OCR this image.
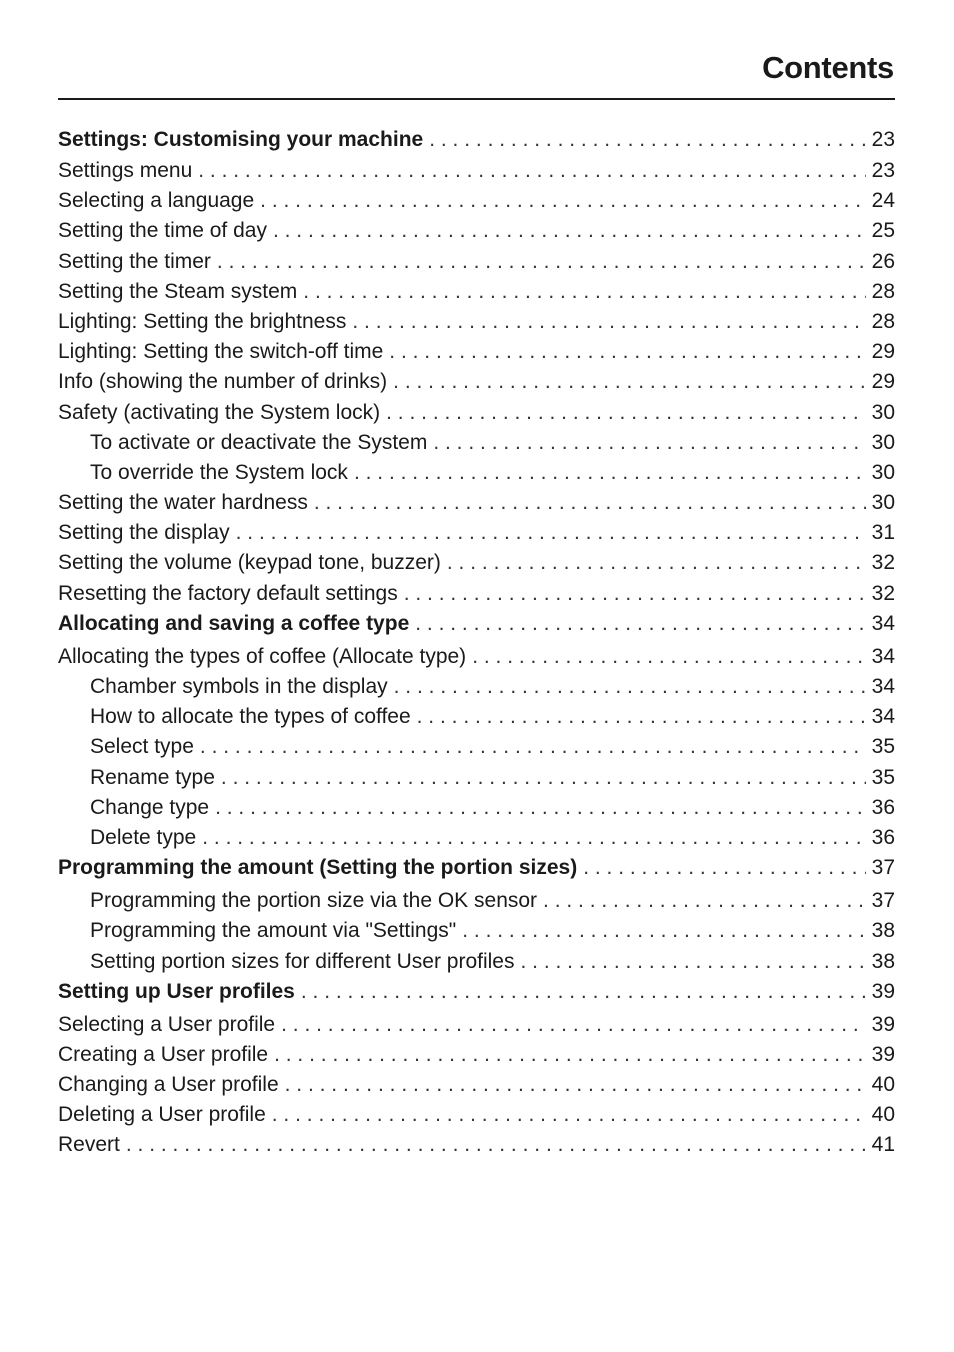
Contents
Settings: Customising your machine . . .	23
Settings menu . . .	23
Selecting a language . . .	24
Setting the time of day . . .	25
Setting the timer . . .	26
Setting the Steam system . . .	28
Lighting: Setting the brightness . . .	28
Lighting: Setting the switch-off time . . .	29
Info (showing the number of drinks) . . .	29
Safety (activating the System lock) . . .	30
To activate or deactivate the System . . .	30
To override the System lock . . .	30
Setting the water hardness . . .	30
Setting the display . . .	31
Setting the volume (keypad tone, buzzer) . . .	32
Resetting the factory default settings . . .	32
Allocating and saving a coffee type . . .	34
Allocating the types of coffee (Allocate type) . . .	34
Chamber symbols in the display . . .	34
How to allocate the types of coffee . . .	34
Select type . . .	35
Rename type . . .	35
Change type . . .	36
Delete type . . .	36
Programming the amount (Setting the portion sizes) . . .	37
Programming the portion size via the OK sensor . . .	37
Programming the amount via "Settings" . . .	38
Setting portion sizes for different User profiles . . .	38
Setting up User profiles . . .	39
Selecting a User profile . . .	39
Creating a User profile . . .	39
Changing a User profile . . .	40
Deleting a User profile . . .	40
Revert . . .	41
